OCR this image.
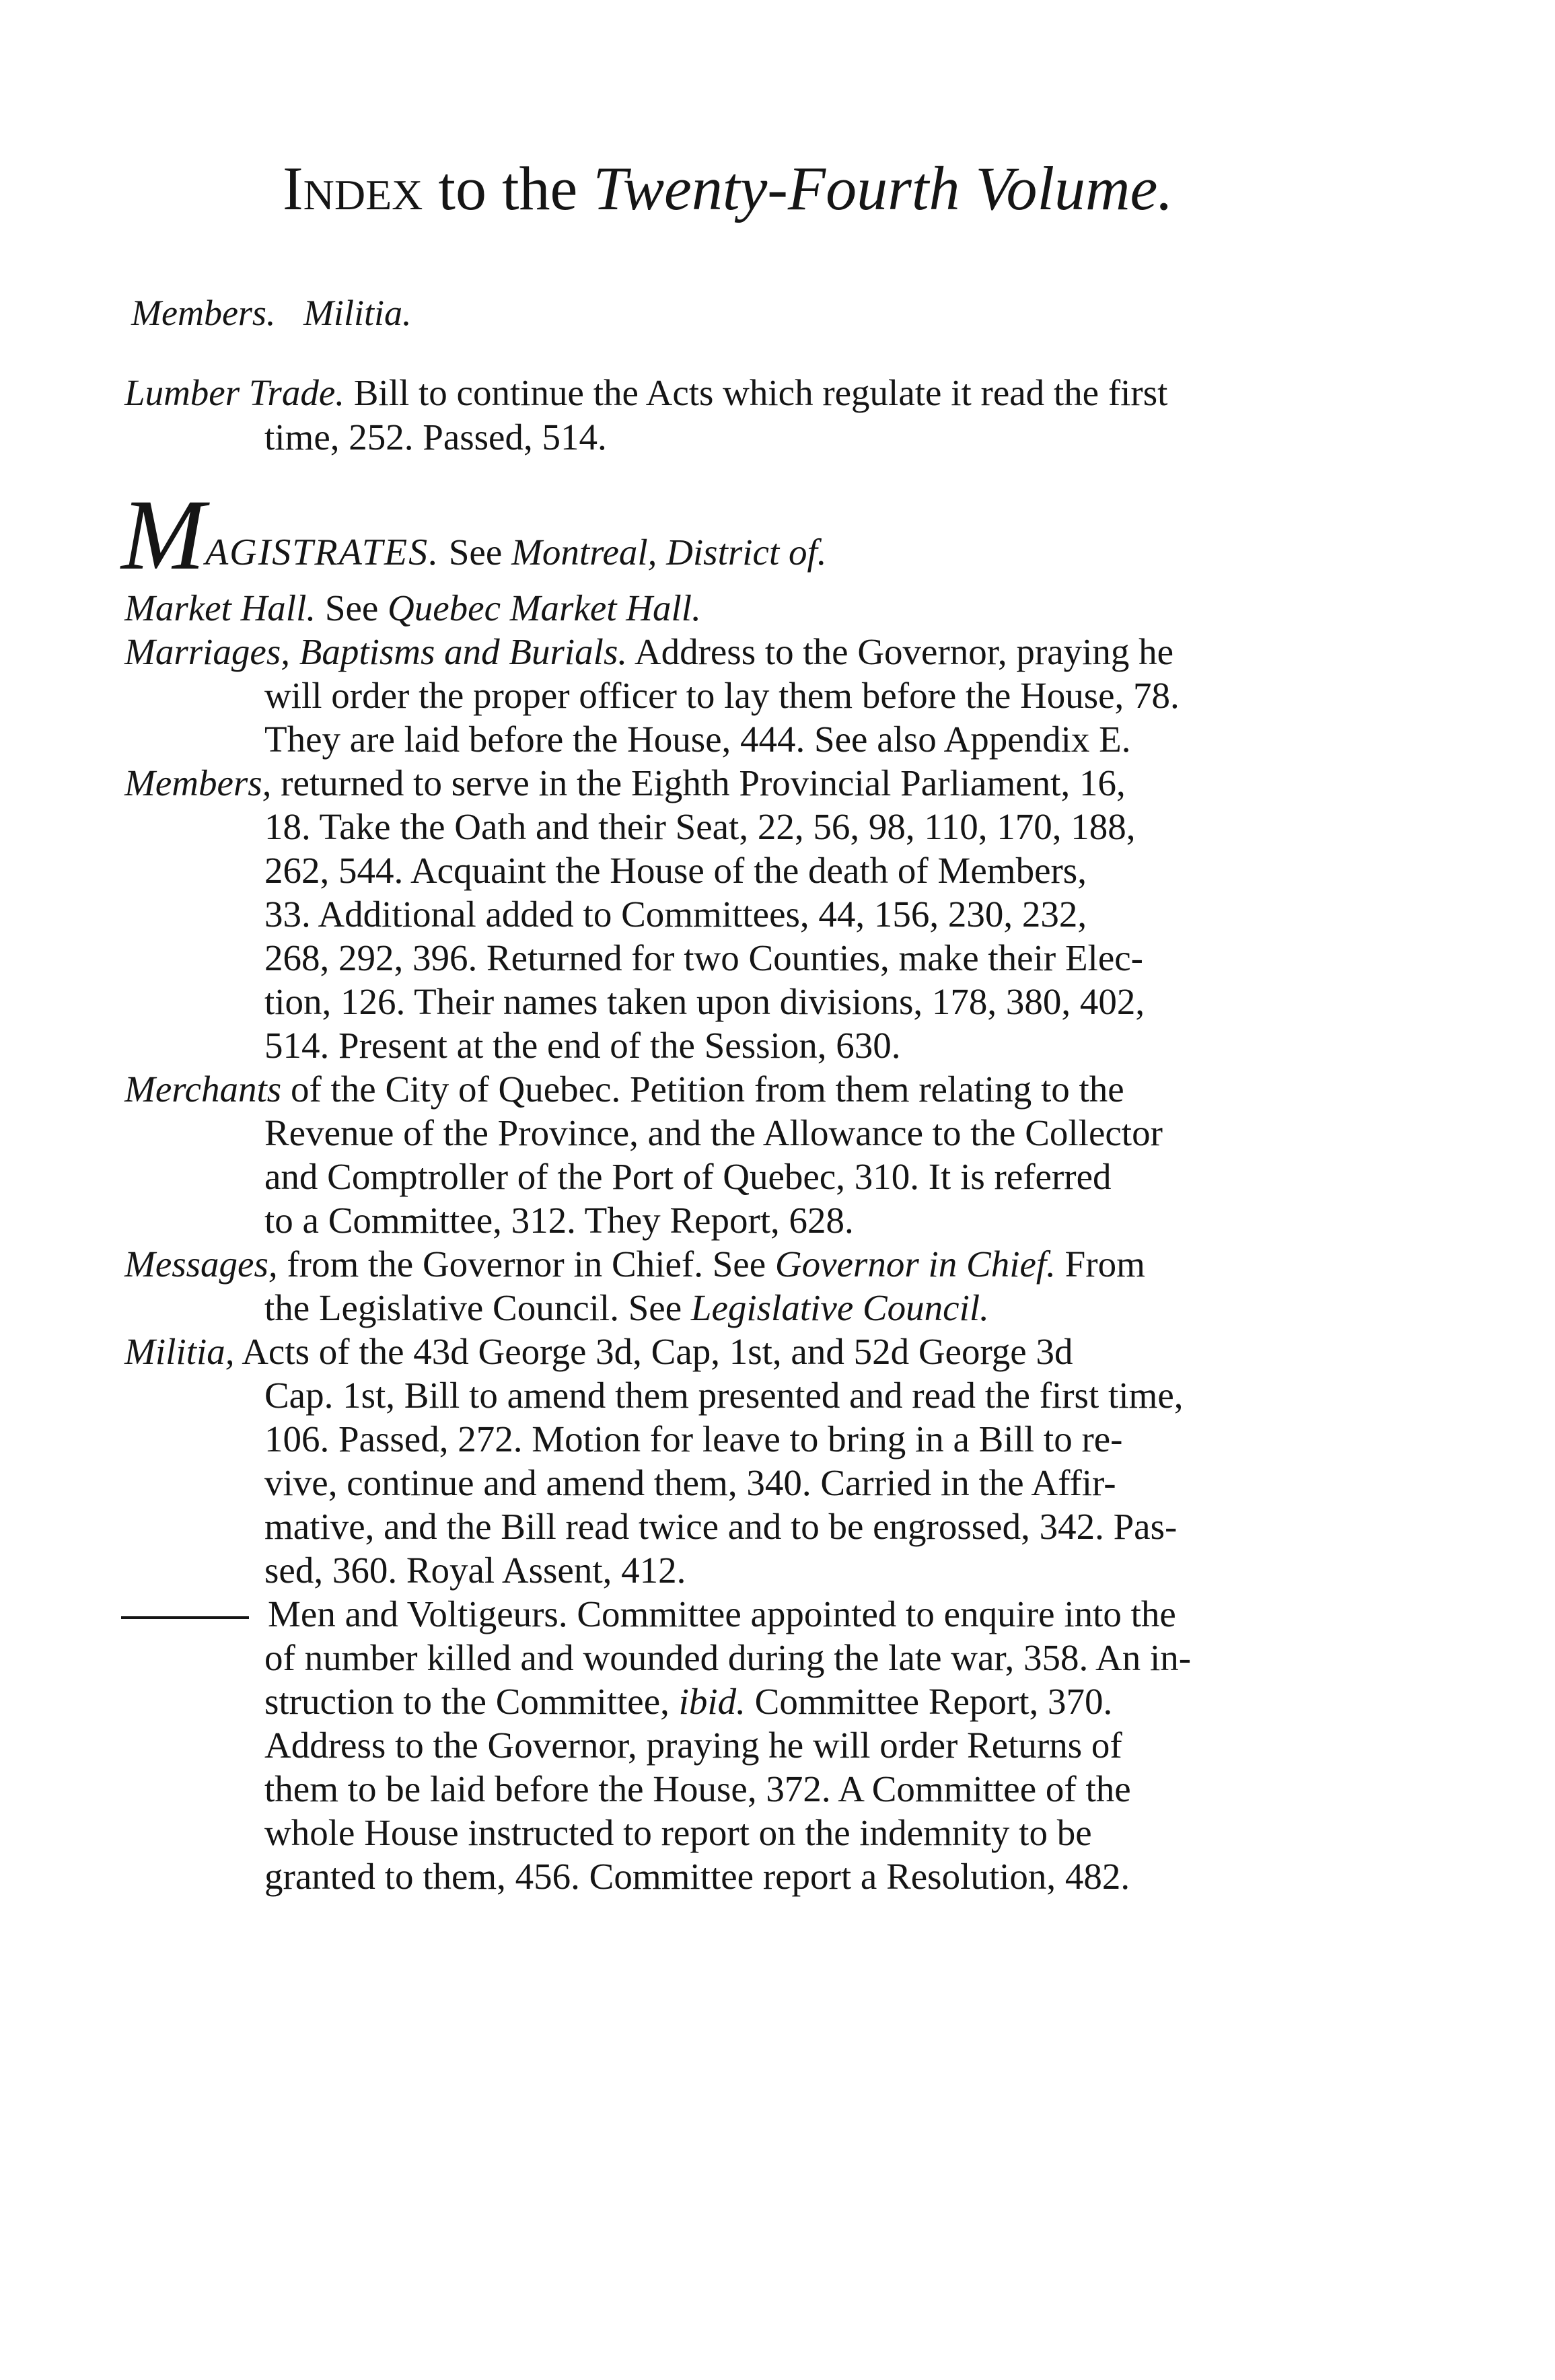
Index to the Twenty-Fourth Volume.
Members. Militia.
Lumber Trade. Bill to continue the Acts which regulate it read the first
time, 252. Passed, 514.
MAGISTRATES. See Montreal, District of.
Market Hall. See Quebec Market Hall.
Marriages, Baptisms and Burials. Address to the Governor, praying he
will order the proper officer to lay them before the House, 78.
They are laid before the House, 444. See also Appendix E.
Members, returned to serve in the Eighth Provincial Parliament, 16,
18. Take the Oath and their Seat, 22, 56, 98, 110, 170, 188,
262, 544. Acquaint the House of the death of Members,
33. Additional added to Committees, 44, 156, 230, 232,
268, 292, 396. Returned for two Counties, make their Elec-
tion, 126. Their names taken upon divisions, 178, 380, 402,
514. Present at the end of the Session, 630.
Merchants of the City of Quebec. Petition from them relating to the
Revenue of the Province, and the Allowance to the Collector
and Comptroller of the Port of Quebec, 310. It is referred
to a Committee, 312. They Report, 628.
Messages, from the Governor in Chief. See Governor in Chief. From
the Legislative Council. See Legislative Council.
Militia, Acts of the 43d George 3d, Cap, 1st, and 52d George 3d
Cap. 1st, Bill to amend them presented and read the first time,
106. Passed, 272. Motion for leave to bring in a Bill to re-
vive, continue and amend them, 340. Carried in the Affir-
mative, and the Bill read twice and to be engrossed, 342. Pas-
sed, 360. Royal Assent, 412.
Men and Voltigeurs. Committee appointed to enquire into the
of number killed and wounded during the late war, 358. An in-
struction to the Committee, ibid. Committee Report, 370.
Address to the Governor, praying he will order Returns of
them to be laid before the House, 372. A Committee of the
whole House instructed to report on the indemnity to be
granted to them, 456. Committee report a Resolution, 482.
